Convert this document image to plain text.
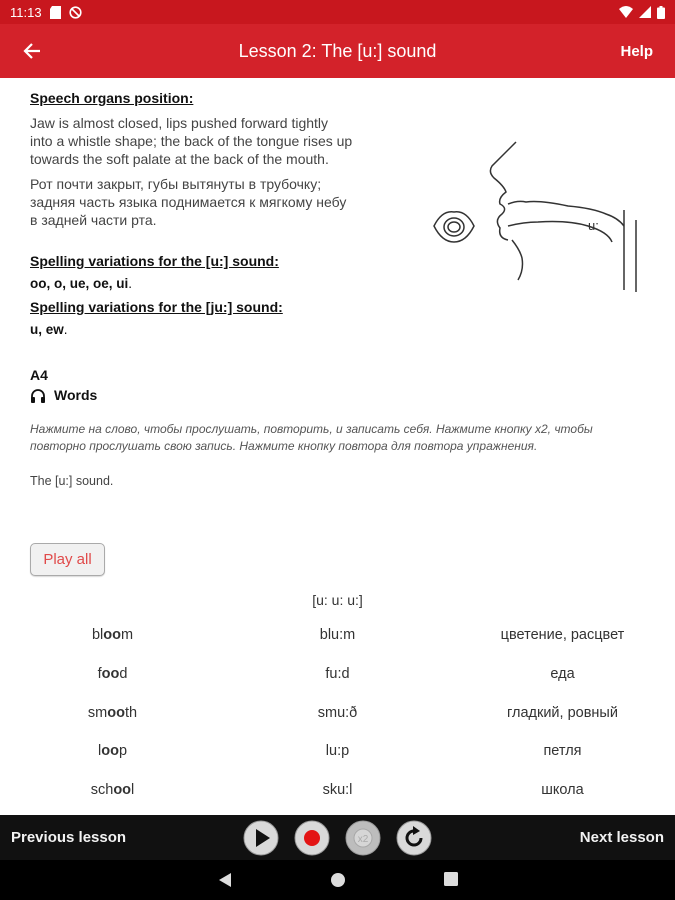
11:13
Lesson 2: The [u:] sound	Help
Speech organs position:
Jaw is almost closed, lips pushed forward tightly
into a whistle shape; the back of the tongue rises up
towards the soft palate at the back of the mouth.
Рот почти закрыт, губы вытянуты в трубочку;
задняя часть языка поднимается к мягкому небу
в задней части рта.
Spelling variations for the [u:] sound:
oo, o, ue, oe, ui.
Spelling variations for the [ju:] sound:
u, ew.
A4
Words
Нажмите на слово, чтобы прослушать, повторить, и записать себя. Нажмите кнопку x2, чтобы
повторно прослушать свою запись. Нажмите кнопку повтора для повтора упражнения.
The [u:] sound.
u:
Play all
[u: u: u:]
bloom	blu:m	цветение, расцвет
food	fu:d	еда
smooth	smu:ð	гладкий, ровный
loop	lu:p	петля
school	sku:l	школа
Previous lesson	x2	Next lesson
